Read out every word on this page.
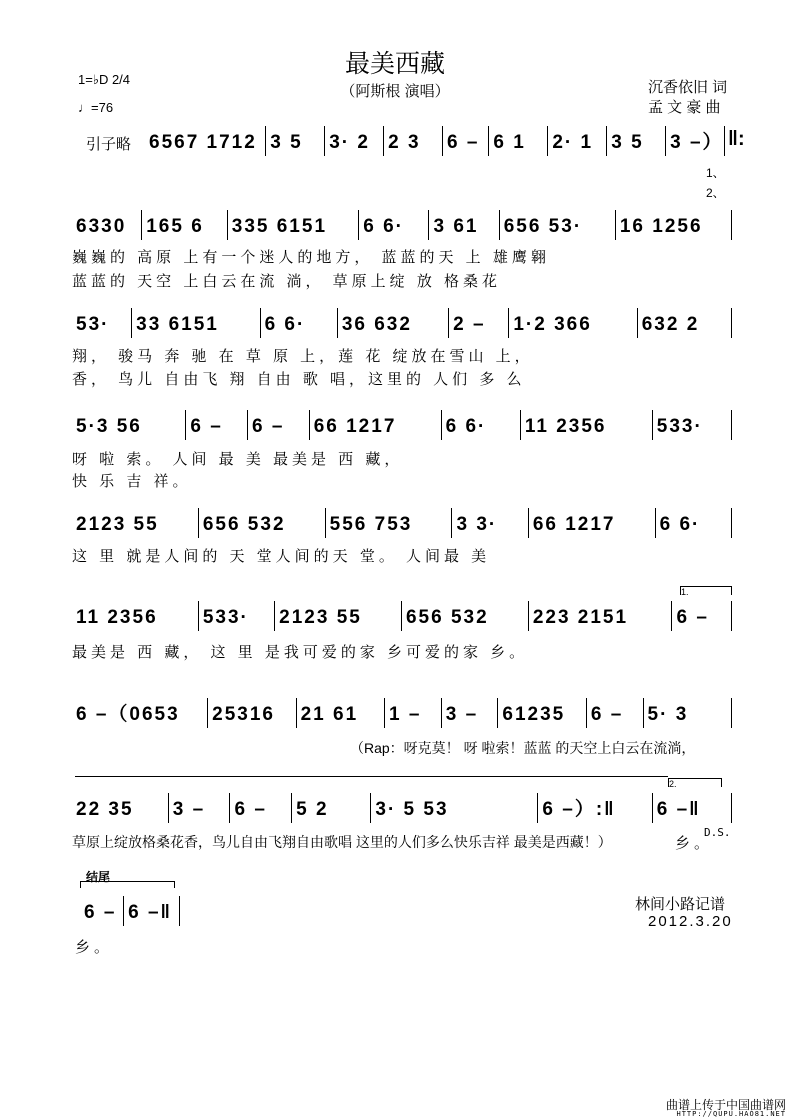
最美西藏
（阿斯根 演唱）	沉香依旧 词
孟 文 豪 曲
1=♭D 2/4
♩=76
引子略 6567 1712 3 5	3· 2 2 3	6 – 6 1	2· 1 3 5	3 –） ‖:
1、
2、
6330	165 6	335 6151	6 6·	3 61	656 53·	16 1256
巍巍的 高原 上有一个迷人的地方， 蓝蓝的天 上 雄鹰翱
蓝蓝的 天空 上白云在流 淌， 草原上绽 放 格桑花
53·	33 6151	6 6·	36 632	2 –	1·2 366	632 2
翔， 骏马 奔 驰 在 草 原 上，莲 花 绽放在雪山 上，
香， 鸟儿 自由飞 翔 自由 歌 唱，这里的 人们 多 么
5·3 56	6 –	6 –	66 1217	6 6·	11 2356	533·
呀 啦 索。 人间 最 美 最美是 西 藏，
快 乐 吉 祥。
2123 55	656 532	556 753	3 3·	66 1217	6 6·
这 里 就是人间的 天 堂人间的天 堂。 人间最 美
1.
11 2356	533·	2123 55	656 532	223 2151	6 –
最美是 西 藏， 这 里 是我可爱的家 乡可爱的家 乡。
6 –（0653	25316	21 61	1 –	3 –	61235	6 –	5· 3
（Rap：呀克莫！ 呀 啦索！蓝蓝 的天空上白云在流淌，
2.
22 35	3 –	6 –	5 2	3· 5 53	6 –）:‖	6 –‖
草原上绽放格桑花香，鸟儿自由飞翔自由歌唱 这里的人们多么快乐吉祥 最美是西藏！）	乡。
D.S.
结尾
6 – 6 –‖
乡。
林间小路记谱
2012.3.20
曲谱上传于中国曲谱网
HTTP://QUPU.HAO81.NET
